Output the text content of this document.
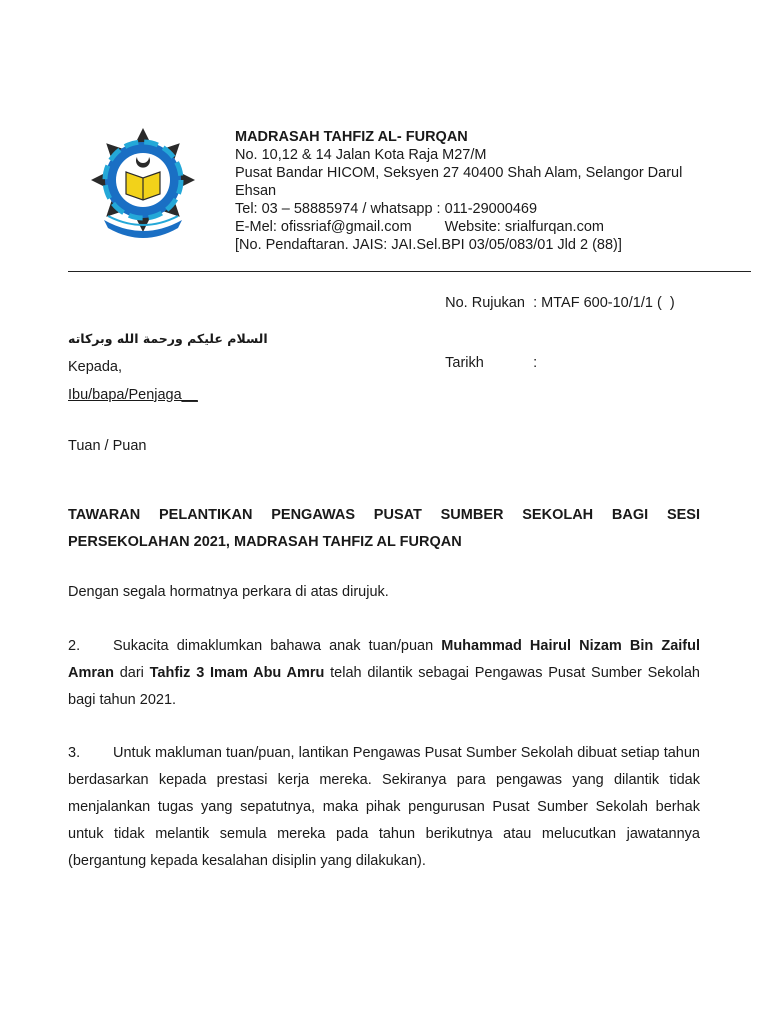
MADRASAH TAHFIZ AL- FURQAN
No. 10,12 & 14 Jalan Kota Raja M27/M
Pusat Bandar HICOM, Seksyen 27 40400 Shah Alam, Selangor Darul Ehsan
Tel: 03 – 58885974 / whatsapp : 011-29000469
E-Mel: ofissriaf@gmail.com Website: srialfurqan.com
[No. Pendaftaran. JAIS: JAI.Sel.BPI 03/05/083/01 Jld 2 (88)]

No. Rujukan : MTAF 600-10/1/1 (  )

Tarikh	:

السلام عليكم ورحمة الله وبركاته
Kepada,
Ibu/bapa/Penjaga__
Tuan / Puan
TAWARAN PELANTIKAN PENGAWAS PUSAT SUMBER SEKOLAH BAGI SESI
PERSEKOLAHAN 2021, MADRASAH TAHFIZ AL FURQAN
Dengan segala hormatnya perkara di atas dirujuk.
2. Sukacita dimaklumkan bahawa anak tuan/puan Muhammad Hairul Nizam Bin Zaiful Amran dari Tahfiz 3 Imam Abu Amru telah dilantik sebagai Pengawas Pusat Sumber Sekolah bagi tahun 2021.
3. Untuk makluman tuan/puan, lantikan Pengawas Pusat Sumber Sekolah dibuat setiap tahun berdasarkan kepada prestasi kerja mereka. Sekiranya para pengawas yang dilantik tidak menjalankan tugas yang sepatutnya, maka pihak pengurusan Pusat Sumber Sekolah berhak untuk tidak melantik semula mereka pada tahun berikutnya atau melucutkan jawatannya (bergantung kepada kesalahan disiplin yang dilakukan).
